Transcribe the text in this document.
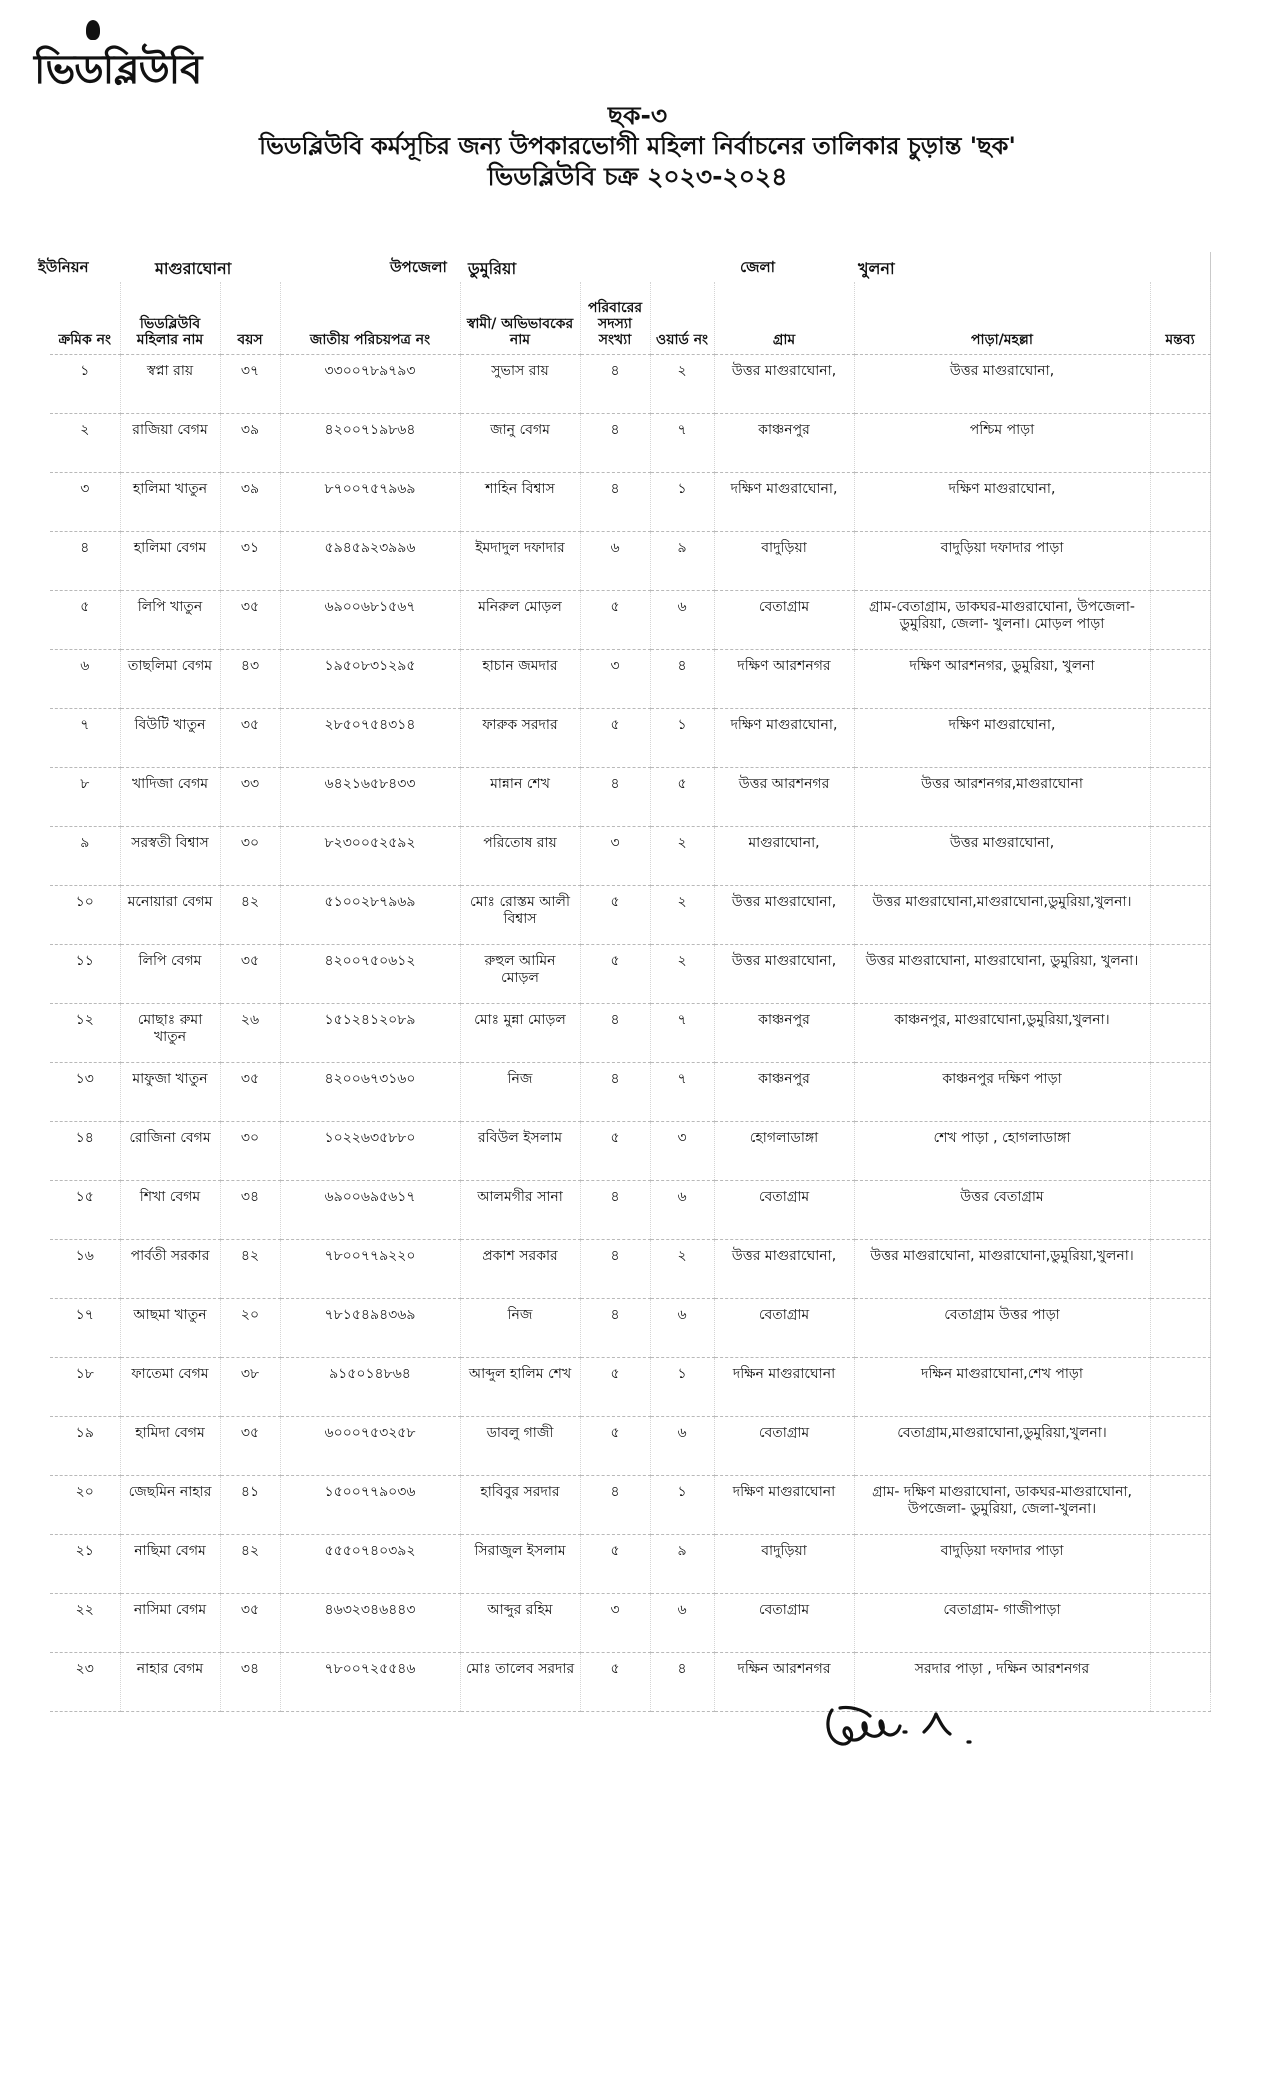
ভিডব্লিউবি
ছক-৩
ভিডব্লিউবি কর্মসূচির জন্য উপকারভোগী মহিলা নির্বাচনের তালিকার চুড়ান্ত 'ছক'
ভিডব্লিউবি চক্র ২০২৩-২০২৪
ইউনিয়ন	মাগুরাঘোনা	উপজেলা ডুমুরিয়া	জেলা	খুলনা
ক্রমিক নং	ভিডব্লিউবি মহিলার নাম	বয়স	জাতীয় পরিচয়পত্র নং	স্বামী/ অভিভাবকের নাম	পরিবারের সদস্যা সংখ্যা	ওয়ার্ড নং	গ্রাম	পাড়া/মহল্লা	মন্তব্য
১	স্বপ্না রায়	৩৭	৩৩০০৭৮৯৭৯৩	সুভাস রায়	৪	২	উত্তর মাগুরাঘোনা,	উত্তর মাগুরাঘোনা,	
২	রাজিয়া বেগম	৩৯	৪২০০৭১৯৮৬৪	জানু বেগম	৪	৭	কাঞ্চনপুর	পশ্চিম পাড়া	
৩	হালিমা খাতুন	৩৯	৮৭০০৭৫৭৯৬৯	শাহিন বিশ্বাস	৪	১	দক্ষিণ মাগুরাঘোনা,	দক্ষিণ মাগুরাঘোনা,	
৪	হালিমা বেগম	৩১	৫৯৪৫৯২৩৯৯৬	ইমদাদুল দফাদার	৬	৯	বাদুড়িয়া	বাদুড়িয়া দফাদার পাড়া	
৫	লিপি খাতুন	৩৫	৬৯০০৬৮১৫৬৭	মনিরুল মোড়ল	৫	৬	বেতাগ্রাম	গ্রাম-বেতাগ্রাম, ডাকঘর-মাগুরাঘোনা, উপজেলা-ডুমুরিয়া, জেলা- খুলনা। মোড়ল পাড়া	
৬	তাছলিমা বেগম	৪৩	১৯৫০৮৩১২৯৫	হাচান জমদার	৩	৪	দক্ষিণ আরশনগর	দক্ষিণ আরশনগর, ডুমুরিয়া, খুলনা	
৭	বিউটি খাতুন	৩৫	২৮৫০৭৫৪৩১৪	ফারুক সরদার	৫	১	দক্ষিণ মাগুরাঘোনা,	দক্ষিণ মাগুরাঘোনা,	
৮	খাদিজা বেগম	৩৩	৬৪২১৬৫৮৪৩৩	মান্নান শেখ	৪	৫	উত্তর আরশনগর	উত্তর আরশনগর,মাগুরাঘোনা	
৯	সরস্বতী বিশ্বাস	৩০	৮২৩০০৫২৫৯২	পরিতোষ রায়	৩	২	মাগুরাঘোনা,	উত্তর মাগুরাঘোনা,	
১০	মনোয়ারা বেগম	৪২	৫১০০২৮৭৯৬৯	মোঃ রোস্তম আলী বিশ্বাস	৫	২	উত্তর মাগুরাঘোনা,	উত্তর মাগুরাঘোনা,মাগুরাঘোনা,ডুমুরিয়া,খুলনা।	
১১	লিপি বেগম	৩৫	৪২০০৭৫০৬১২	রুহুল আমিন মোড়ল	৫	২	উত্তর মাগুরাঘোনা,	উত্তর মাগুরাঘোনা, মাগুরাঘোনা, ডুমুরিয়া, খুলনা।	
১২	মোছাঃ রুমা খাতুন	২৬	১৫১২৪১২০৮৯	মোঃ মুন্না মোড়ল	৪	৭	কাঞ্চনপুর	কাঞ্চনপুর, মাগুরাঘোনা,ডুমুরিয়া,খুলনা।	
১৩	মাফুজা খাতুন	৩৫	৪২০০৬৭৩১৬০	নিজ	৪	৭	কাঞ্চনপুর	কাঞ্চনপুর দক্ষিণ পাড়া	
১৪	রোজিনা বেগম	৩০	১০২২৬৩৫৮৮০	রবিউল ইসলাম	৫	৩	হোগলাডাঙ্গা	শেখ পাড়া , হোগলাডাঙ্গা	
১৫	শিখা বেগম	৩৪	৬৯০০৬৯৫৬১৭	আলমগীর সানা	৪	৬	বেতাগ্রাম	উত্তর বেতাগ্রাম	
১৬	পার্বতী সরকার	৪২	৭৮০০৭৭৯২২০	প্রকাশ সরকার	৪	২	উত্তর মাগুরাঘোনা,	উত্তর মাগুরাঘোনা, মাগুরাঘোনা,ডুমুরিয়া,খুলনা।	
১৭	আছমা খাতুন	২০	৭৮১৫৪৯৪৩৬৯	নিজ	৪	৬	বেতাগ্রাম	বেতাগ্রাম উত্তর পাড়া	
১৮	ফাতেমা বেগম	৩৮	৯১৫০১৪৮৬৪	আব্দুল হালিম শেখ	৫	১	দক্ষিন মাগুরাঘোনা	দক্ষিন মাগুরাঘোনা,শেখ পাড়া	
১৯	হামিদা বেগম	৩৫	৬০০০৭৫৩২৫৮	ডাবলু গাজী	৫	৬	বেতাগ্রাম	বেতাগ্রাম,মাগুরাঘোনা,ডুমুরিয়া,খুলনা।	
২০	জেছমিন নাহার	৪১	১৫০০৭৭৯০৩৬	হাবিবুর সরদার	৪	১	দক্ষিণ মাগুরাঘোনা	গ্রাম- দক্ষিণ মাগুরাঘোনা, ডাকঘর-মাগুরাঘোনা, উপজেলা- ডুমুরিয়া, জেলা-খুলনা।	
২১	নাছিমা বেগম	৪২	৫৫৫০৭৪০৩৯২	সিরাজুল ইসলাম	৫	৯	বাদুড়িয়া	বাদুড়িয়া দফাদার পাড়া	
২২	নাসিমা বেগম	৩৫	৪৬৩২৩৪৬৪৪৩	আব্দুর রহিম	৩	৬	বেতাগ্রাম	বেতাগ্রাম- গাজীপাড়া	
২৩	নাহার বেগম	৩৪	৭৮০০৭২৫৫৪৬	মোঃ তালেব সরদার	৫	৪	দক্ষিন আরশনগর	সরদার পাড়া , দক্ষিন আরশনগর	
